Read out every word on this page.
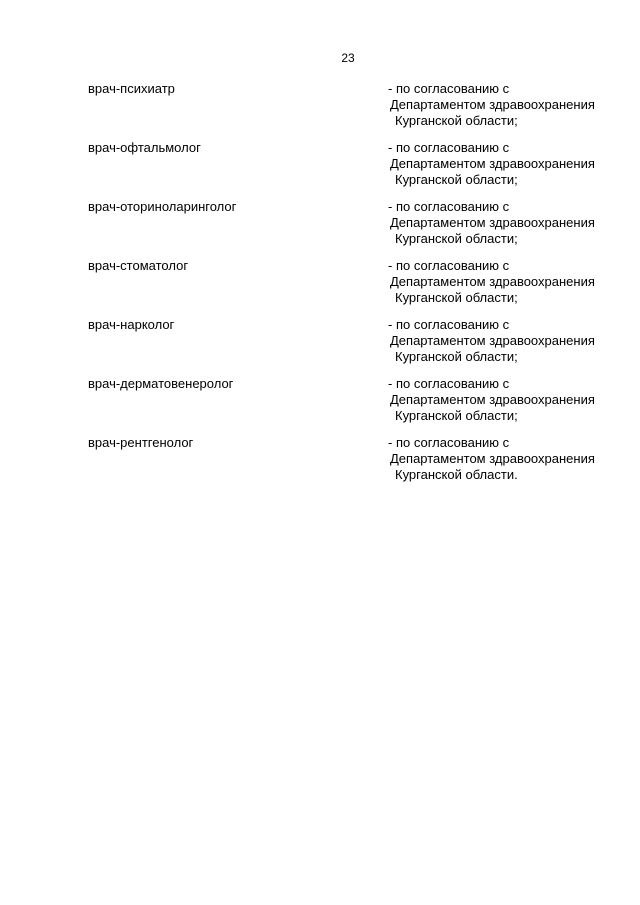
23
врач-психиатр	- по согласованию с
Департаментом здравоохранения
Курганской области;
врач-офтальмолог	- по согласованию с
Департаментом здравоохранения
Курганской области;
врач-оториноларинголог	- по согласованию с
Департаментом здравоохранения
Курганской области;
врач-стоматолог	- по согласованию с
Департаментом здравоохранения
Курганской области;
врач-нарколог	- по согласованию с
Департаментом здравоохранения
Курганской области;
врач-дерматовенеролог	- по согласованию с
Департаментом здравоохранения
Курганской области;
врач-рентгенолог	- по согласованию с
Департаментом здравоохранения
Курганской области.
